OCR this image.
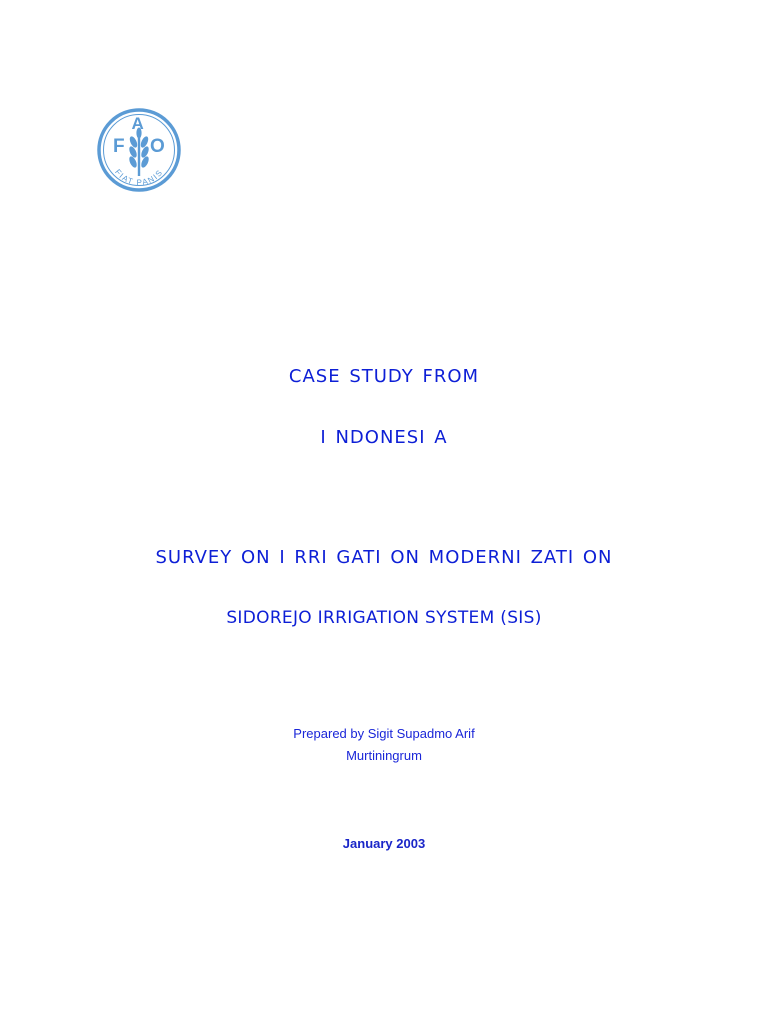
F
A
O
FIAT PANIS
CASE STUDY FROM
I NDONESI A
SURVEY ON I RRI GATI ON MODERNI ZATI ON
SIDOREJO IRRIGATION SYSTEM (SIS)
Prepared by Sigit Supadmo Arif
Murtiningrum
January 2003
